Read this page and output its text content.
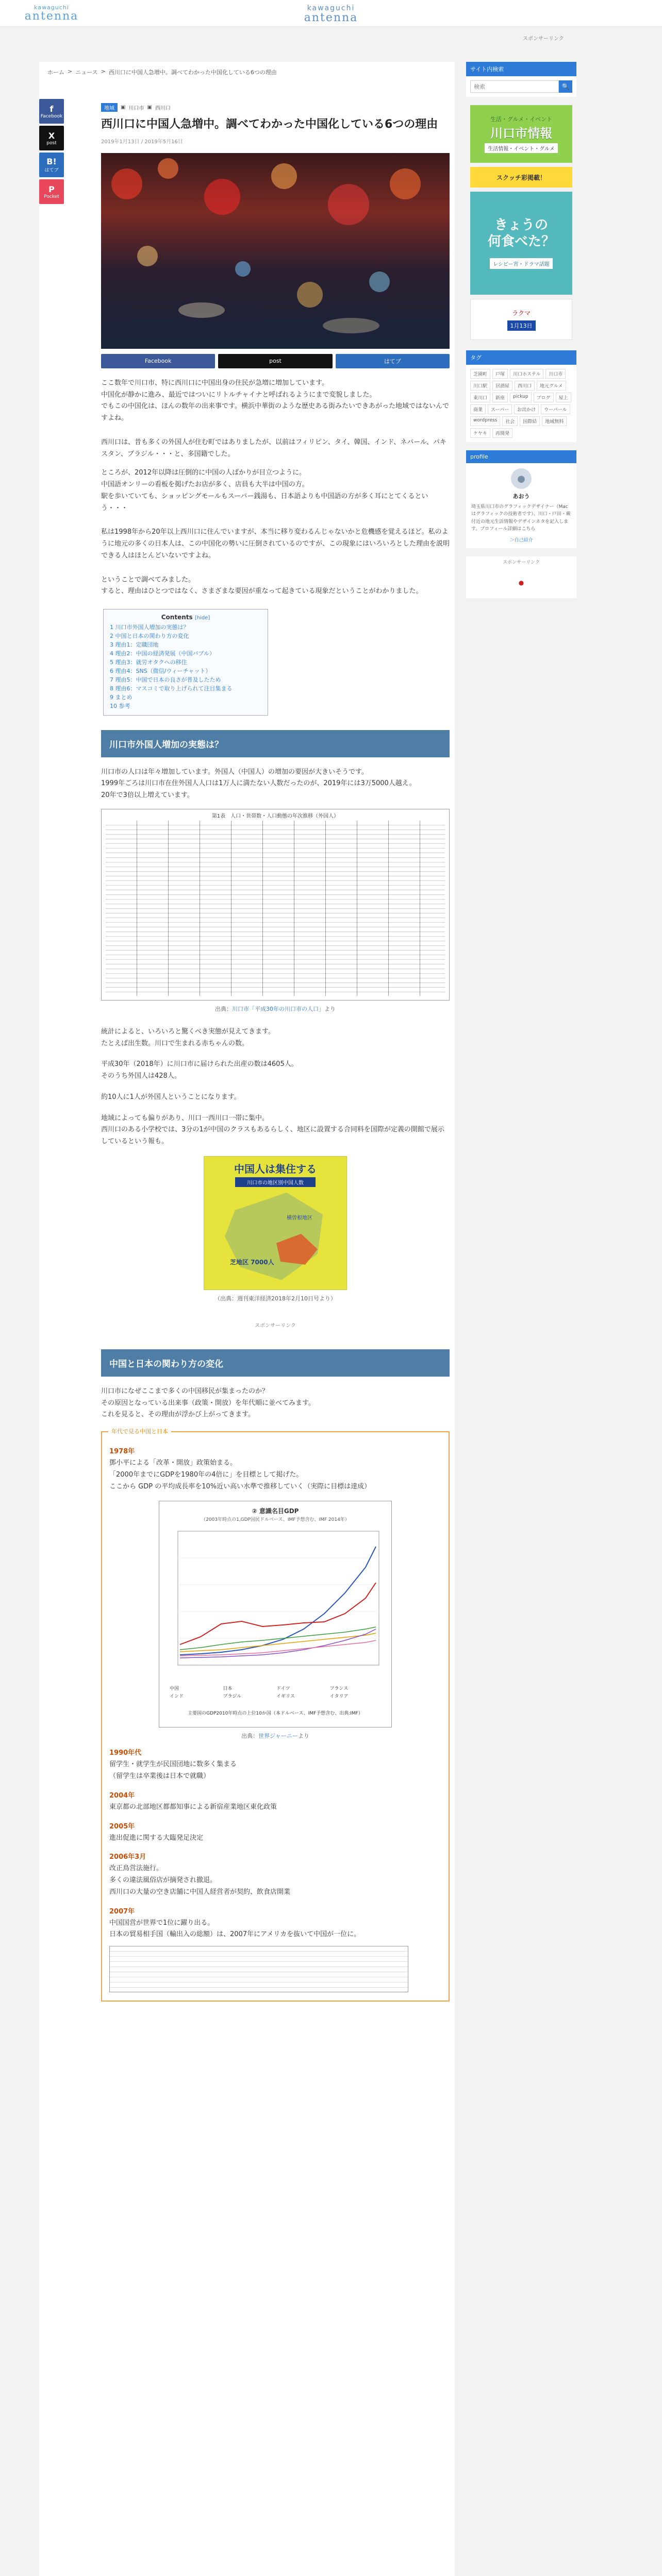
kawaguchi
antenna
kawaguchi
antenna
スポンサーリンク
ホーム > ニュース > 西川口に中国人急増中。調べてわかった中国化している6つの理由
f
Facebook
X
post
B!
はてブ
P
Pocket
地域	▣ 川口市 ▣ 西川口
西川口に中国人急増中。調べてわかった中国化している6つの理由
2019年1月13日 / 2019年5月16日
Facebook	post	はてブ
ここ数年で川口市、特に西川口に中国出身の住民が急増に増加しています。
中国化が静かに進み、最近ではついにリトルチャイナと呼ばれるようにまで変貌しました。
でもこの中国化は、ほんの数年の出来事です。横浜中華街のような歴史ある街みたいできあがった地域ではないんですよね。
西川口は、昔も多くの外国人が住む町ではありましたが、以前はフィリピン、タイ、韓国、インド、ネパール、パキスタン、ブラジル・・・と、多国籍でした。
ところが、2012年以降は圧倒的に中国の人ばかりが目立つように。
中国語オンリーの看板を掲げたお店が多く、店員も大半は中国の方。
駅を歩いていても、ショッピングモールもスーパー銭湯も、日本語よりも中国語の方が多く耳にとてくるという・・・
私は1998年から20年以上西川口に住んでいますが、本当に移り変わるんじゃないかと危機感を覚えるほど。私のように地元の多くの日本人は、この中国化の勢いに圧倒されているのですが、この現象にはいろいろとした理由を説明できる人はほとんどいないですよね。
ということで調べてみました。
すると、理由はひとつではなく、さまざまな要因が重なって起きている現象だということがわかりました。
Contents [hide]
1 川口市外国人増加の実態は？
2 中国と日本の関わり方の変化
3 理由1：定職団地
4 理由2：中国の経済発展（中国バブル）
5 理由3：就労オタクへの移住
6 理由4：SNS（微信/ウィーチャット）
7 理由5：中国で日本の良さが普及したため
8 理由6：マスコミで取り上げられて注目集まる
9 まとめ
10 参考
川口市外国人増加の実態は？
川口市の人口は年々増加しています。外国人（中国人）の増加の要因が大きいそうです。
1999年ごろは川口市在住外国人人口は1万人に満たない人数だったのが、2019年には3万5000人越え。
20年で3倍以上増えています。
第1表　人口・世帯数・人口動態の年次推移（外国人）
出典：川口市「平成30年の川口市の人口」より
統計によると、いろいろと驚くべき実態が見えてきます。
たとえば出生数。川口で生まれる赤ちゃんの数。
平成30年（2018年）に川口市に届けられた出産の数は4605人。
そのうち外国人は428人。
約10人に1人が外国人ということになります。
地域によっても偏りがあり、川口一西川口一帯に集中。
西川口のある小学校では、3分の1が中国のクラスもあるらしく、地区に設置する合同料を国際が定義の開館で展示しているという報も。
中国人は集住する
川口市の地区別中国人数
芝地区 7000人
横曽根地区
（出典：週刊東洋経済2018年2月10日号より）
スポンサーリンク
中国と日本の関わり方の変化
川口市になぜここまで多くの中国移民が集まったのか？
その原因となっている出来事（政策・開放）を年代順に並べてみます。
これを見ると、その理由が浮かび上がってきます。
年代で見る中国と日本
1978年
鄧小平による「改革・開放」政策始まる。
「2000年までにGDPを1980年の4倍に」を目標として掲げた。
ここから GDP の平均成長率を10%近い高い水準で推移していく（実際に目標は達成）
② 意識名目GDP
（2003年時点の1,GDP国民ドルベース、IMF予想含む、IMF 2014年）
中国	日本	ドイツ	フランス
インド	ブラジル	イギリス	イタリア
主要国のGDP2010年時点の上位10か国（本ドルベース、IMF予想含む、出典:IMF）
出典：世界ジャーニーより
1990年代
留学生・就学生が民国団地に数多く集まる
（留学生は卒業後は日本で就職）
2004年
東京都の北部地区都都知事による新宿産業地区東化政策
2005年
進出促進に関する大臨発足決定
2006年3月
改正鳥営法施行。
多くの違法風俗店が摘発され撤退。
西川口の大量の空き店舗に中国人経営者が契約、飲食店開業
2007年
中国国営が世界で1位に躍り出る。
日本の貿易相手国（輸出入の総額）は、2007年にアメリカを抜いて中国が一位に。
サイト内検索
検索
🔍
生活・グルメ・イベント
川口市情報
生活情報・イベント・グルメ
スクッチ彩掲載！
きょうの
何食べた？
レシピー宵・ドラマ話題
ラクマ
1月13日
タグ
芝園町	戸塚	川口ホステル	川口市
川口駅	居酒屋	西川口	地元グルメ
東川口	新座	pickup	ブログ	屋上
商業	スーパー	お出かけ	ウーパール
wordpress	社会	国際結	地域無料
ケヤキ	再開発
profile
●
あおう
埼玉県川口市のグラフィックデザイナー（Macはグラフィックの技術者です）、川口・戸田・蕨付近の地元生活情報やデザインネタを記入します。プロフィール詳細はこちら
＞自己紹介
スポンサーリンク
●
